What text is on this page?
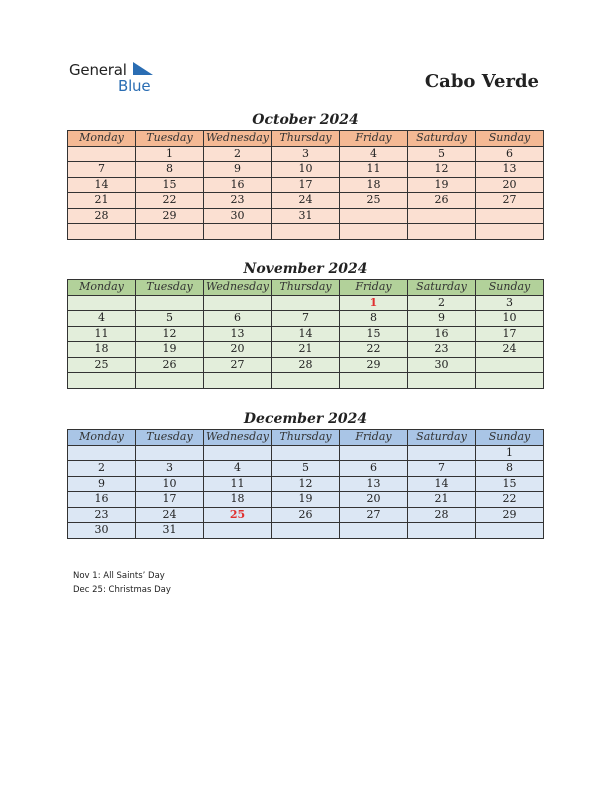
General
Blue	Cabo Verde
October 2024
Monday	Tuesday	Wednesday	Thursday	Friday	Saturday	Sunday
	1	2	3	4	5	6
7	8	9	10	11	12	13
14	15	16	17	18	19	20
21	22	23	24	25	26	27
28	29	30	31			

November 2024
Monday	Tuesday	Wednesday	Thursday	Friday	Saturday	Sunday
				1	2	3
4	5	6	7	8	9	10
11	12	13	14	15	16	17
18	19	20	21	22	23	24
25	26	27	28	29	30	

December 2024
Monday	Tuesday	Wednesday	Thursday	Friday	Saturday	Sunday
						1
2	3	4	5	6	7	8
9	10	11	12	13	14	15
16	17	18	19	20	21	22
23	24	25	26	27	28	29
30	31					
Nov 1: All Saints’ Day
Dec 25: Christmas Day
